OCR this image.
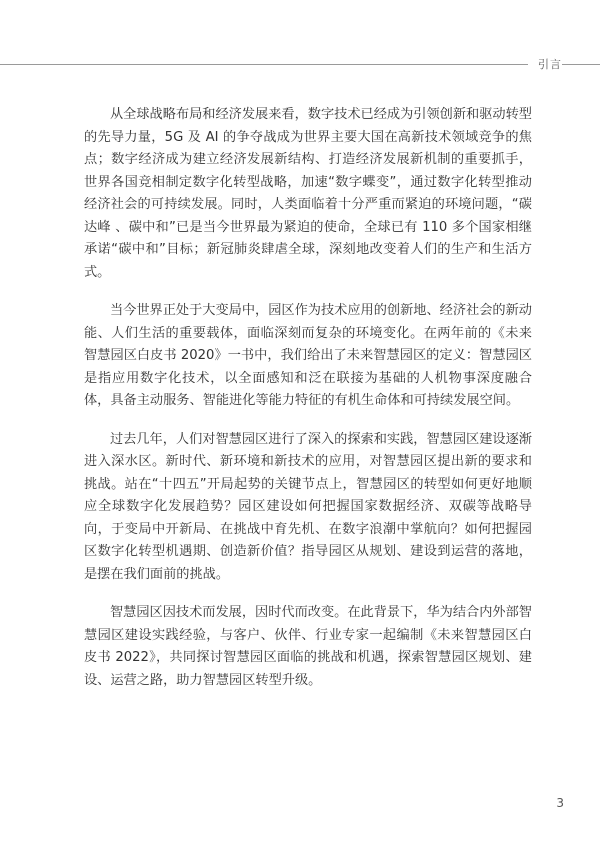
引言

从全球战略布局和经济发展来看，数字技术已经成为引领创新和驱动转型的先导力量，5G 及 AI 的争夺战成为世界主要大国在高新技术领域竞争的焦点；数字经济成为建立经济发展新结构、打造经济发展新机制的重要抓手，世界各国竞相制定数字化转型战略，加速“数字蝶变”，通过数字化转型推动经济社会的可持续发展。同时，人类面临着十分严重而紧迫的环境问题，“碳达峰 、碳中和”已是当今世界最为紧迫的使命，全球已有 110 多个国家相继承诺“碳中和”目标；新冠肺炎肆虐全球，深刻地改变着人们的生产和生活方式。

当今世界正处于大变局中，园区作为技术应用的创新地、经济社会的新动能、人们生活的重要载体，面临深刻而复杂的环境变化。在两年前的《未来智慧园区白皮书 2020》一书中，我们给出了未来智慧园区的定义：智慧园区是指应用数字化技术，以全面感知和泛在联接为基础的人机物事深度融合体，具备主动服务、智能进化等能力特征的有机生命体和可持续发展空间。

过去几年，人们对智慧园区进行了深入的探索和实践，智慧园区建设逐渐进入深水区。新时代、新环境和新技术的应用，对智慧园区提出新的要求和挑战。站在“十四五”开局起势的关键节点上，智慧园区的转型如何更好地顺应全球数字化发展趋势？园区建设如何把握国家数据经济、双碳等战略导向，于变局中开新局、在挑战中育先机、在数字浪潮中掌航向？如何把握园区数字化转型机遇期、创造新价值？指导园区从规划、建设到运营的落地，是摆在我们面前的挑战。

智慧园区因技术而发展，因时代而改变。在此背景下，华为结合内外部智慧园区建设实践经验，与客户、伙伴、行业专家一起编制《未来智慧园区白皮书 2022》，共同探讨智慧园区面临的挑战和机遇，探索智慧园区规划、建设、运营之路，助力智慧园区转型升级。

3
